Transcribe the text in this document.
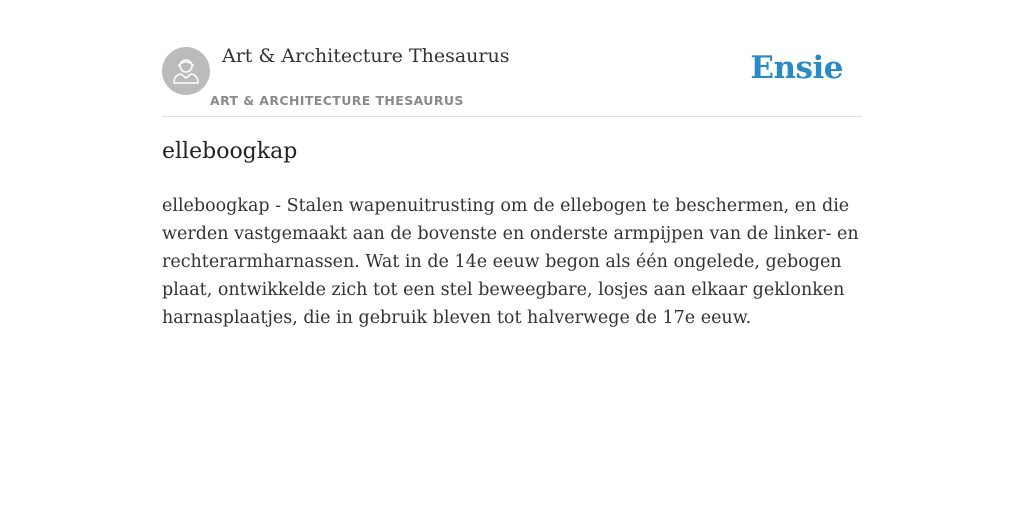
Art & Architecture Thesaurus
ART & ARCHITECTURE THESAURUS
Ensie
elleboogkap

elleboogkap - Stalen wapenuitrusting om de ellebogen te beschermen, en die werden vastgemaakt aan de bovenste en onderste armpijpen van de linker- en rechterarmharnassen. Wat in de 14e eeuw begon als één ongelede, gebogen plaat, ontwikkelde zich tot een stel beweegbare, losjes aan elkaar geklonken harnasplaatjes, die in gebruik bleven tot halverwege de 17e eeuw.
